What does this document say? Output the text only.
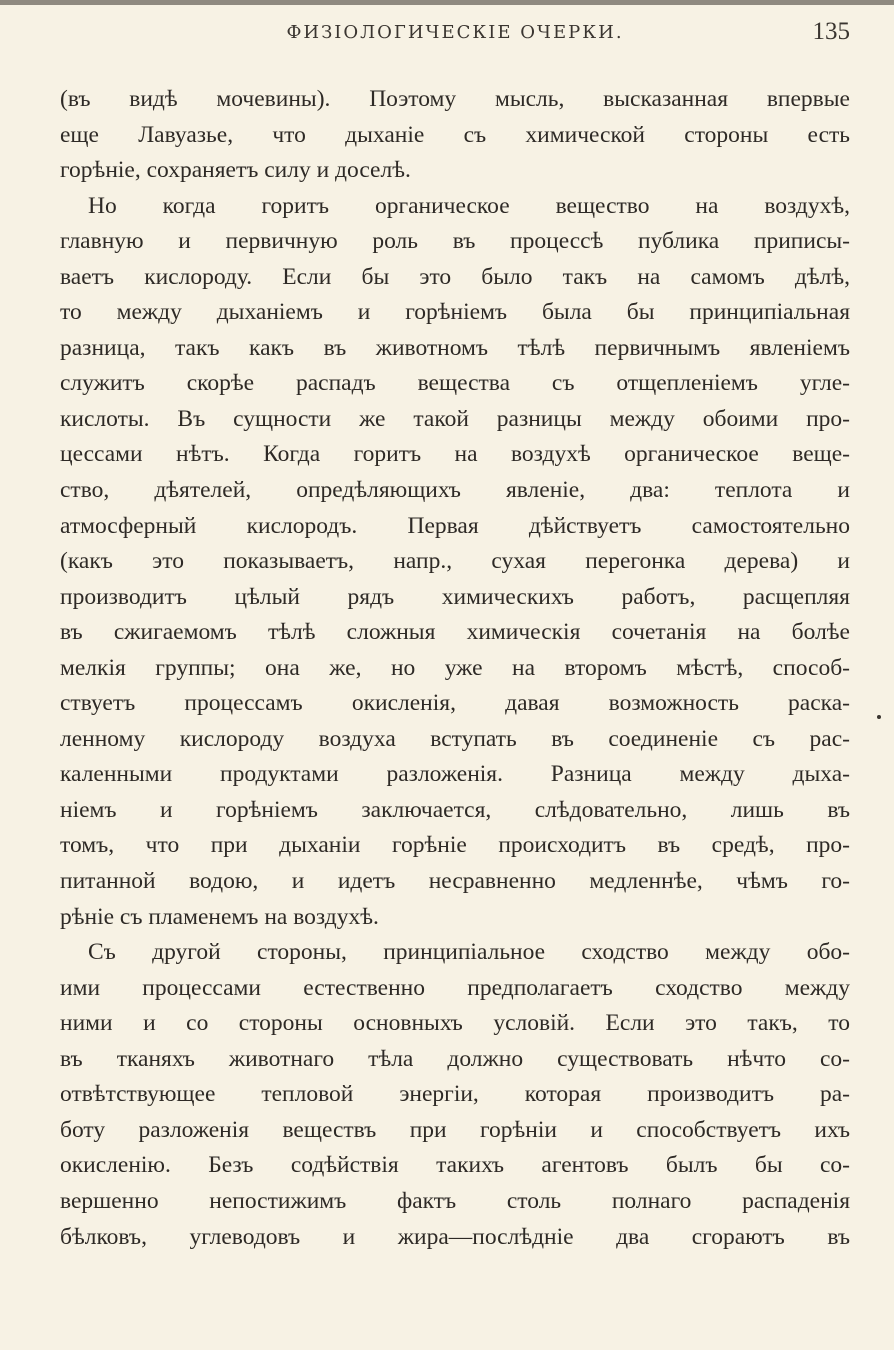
ФИЗІОЛОГИЧЕСКІЕ ОЧЕРКИ.	135
(въ видѣ мочевины). Поэтому мысль, высказанная впервые
еще Лавуазье, что дыханіе съ химической стороны есть
горѣніе, сохраняетъ силу и доселѣ.
Но когда горитъ органическое вещество на воздухѣ,
главную и первичную роль въ процессѣ публика приписы-
ваетъ кислороду. Если бы это было такъ на самомъ дѣлѣ,
то между дыханіемъ и горѣніемъ была бы принципіальная
разница, такъ какъ въ животномъ тѣлѣ первичнымъ явленіемъ
служитъ скорѣе распадъ вещества съ отщепленіемъ угле-
кислоты. Въ сущности же такой разницы между обоими про-
цессами нѣтъ. Когда горитъ на воздухѣ органическое веще-
ство, дѣятелей, опредѣляющихъ явленіе, два: теплота и
атмосферный кислородъ. Первая дѣйствуетъ самостоятельно
(какъ это показываетъ, напр., сухая перегонка дерева) и
производитъ цѣлый рядъ химическихъ работъ, расщепляя
въ сжигаемомъ тѣлѣ сложныя химическія сочетанія на болѣе
мелкія группы; она же, но уже на второмъ мѣстѣ, способ-
ствуетъ процессамъ окисленія, давая возможность раска-
ленному кислороду воздуха вступать въ соединеніе съ рас-
каленными продуктами разложенія. Разница между дыха-
ніемъ и горѣніемъ заключается, слѣдовательно, лишь въ
томъ, что при дыханіи горѣніе происходитъ въ средѣ, про-
питанной водою, и идетъ несравненно медленнѣе, чѣмъ го-
рѣніе съ пламенемъ на воздухѣ.
Съ другой стороны, принципіальное сходство между обо-
ими процессами естественно предполагаетъ сходство между
ними и со стороны основныхъ условій. Если это такъ, то
въ тканяхъ животнаго тѣла должно существовать нѣчто со-
отвѣтствующее тепловой энергіи, которая производитъ ра-
боту разложенія веществъ при горѣніи и способствуетъ ихъ
окисленію. Безъ содѣйствія такихъ агентовъ былъ бы со-
вершенно непостижимъ фактъ столь полнаго распаденія
бѣлковъ, углеводовъ и жира—послѣдніе два сгораютъ въ
